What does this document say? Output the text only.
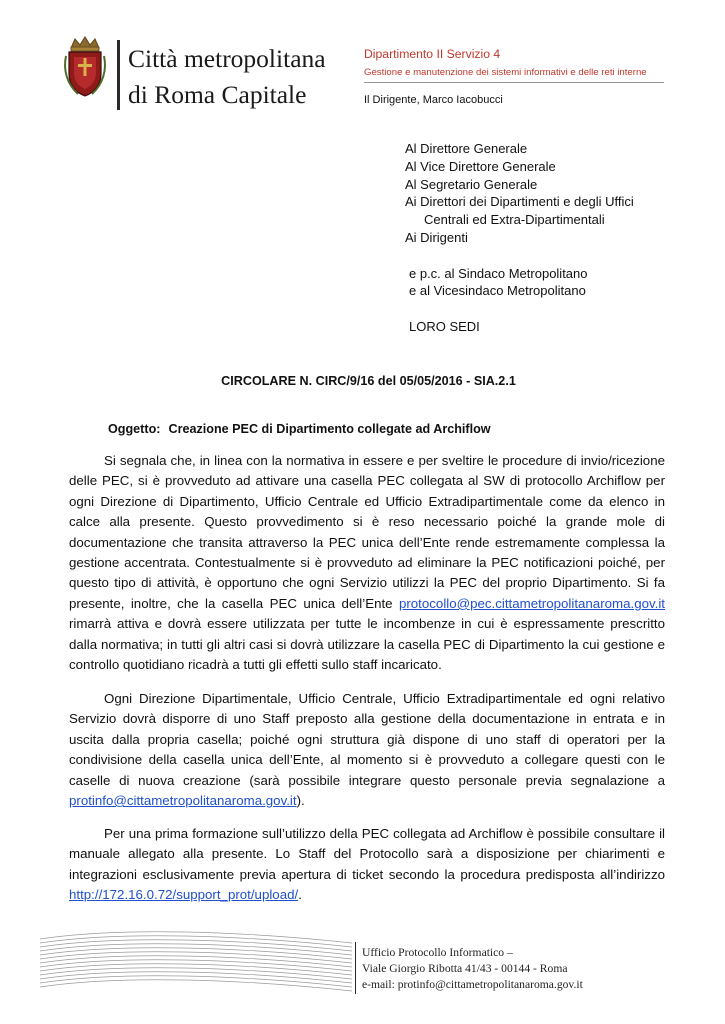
Città metropolitana
di Roma Capitale
Dipartimento II Servizio 4
Gestione e manutenzione dei sistemi informativi e delle reti interne
Il Dirigente, Marco Iacobucci
Al Direttore Generale
Al Vice Direttore Generale
Al Segretario Generale
Ai Direttori dei Dipartimenti e degli Uffici
Centrali ed Extra-Dipartimentali
Ai Dirigenti
e p.c. al Sindaco Metropolitano
e al Vicesindaco Metropolitano
LORO SEDI
CIRCOLARE N. CIRC/9/16 del 05/05/2016 - SIA.2.1
Oggetto: Creazione PEC di Dipartimento collegate ad Archiflow

Si segnala che, in linea con la normativa in essere e per sveltire le procedure di invio/ricezione delle PEC, si è provveduto ad attivare una casella PEC collegata al SW di protocollo Archiflow per ogni Direzione di Dipartimento, Ufficio Centrale ed Ufficio Extradipartimentale come da elenco in calce alla presente. Questo provvedimento si è reso necessario poiché la grande mole di documentazione che transita attraverso la PEC unica dell’Ente rende estremamente complessa la gestione accentrata. Contestualmente si è provveduto ad eliminare la PEC notificazioni poiché, per questo tipo di attività, è opportuno che ogni Servizio utilizzi la PEC del proprio Dipartimento. Si fa presente, inoltre, che la casella PEC unica dell’Ente protocollo@pec.cittametropolitanaroma.gov.it rimarrà attiva e dovrà essere utilizzata per tutte le incombenze in cui è espressamente prescritto dalla normativa; in tutti gli altri casi si dovrà utilizzare la casella PEC di Dipartimento la cui gestione e controllo quotidiano ricadrà a tutti gli effetti sullo staff incaricato.

Ogni Direzione Dipartimentale, Ufficio Centrale, Ufficio Extradipartimentale ed ogni relativo Servizio dovrà disporre di uno Staff preposto alla gestione della documentazione in entrata e in uscita dalla propria casella; poiché ogni struttura già dispone di uno staff di operatori per la condivisione della casella unica dell’Ente, al momento si è provveduto a collegare questi con le caselle di nuova creazione (sarà possibile integrare questo personale previa segnalazione a protinfo@cittametropolitanaroma.gov.it).

Per una prima formazione sull’utilizzo della PEC collegata ad Archiflow è possibile consultare il manuale allegato alla presente. Lo Staff del Protocollo sarà a disposizione per chiarimenti e integrazioni esclusivamente previa apertura di ticket secondo la procedura predisposta all’indirizzo http://172.16.0.72/support_prot/upload/.

Ufficio Protocollo Informatico –
Viale Giorgio Ribotta 41/43 - 00144 - Roma
e-mail: protinfo@cittametropolitanaroma.gov.it
